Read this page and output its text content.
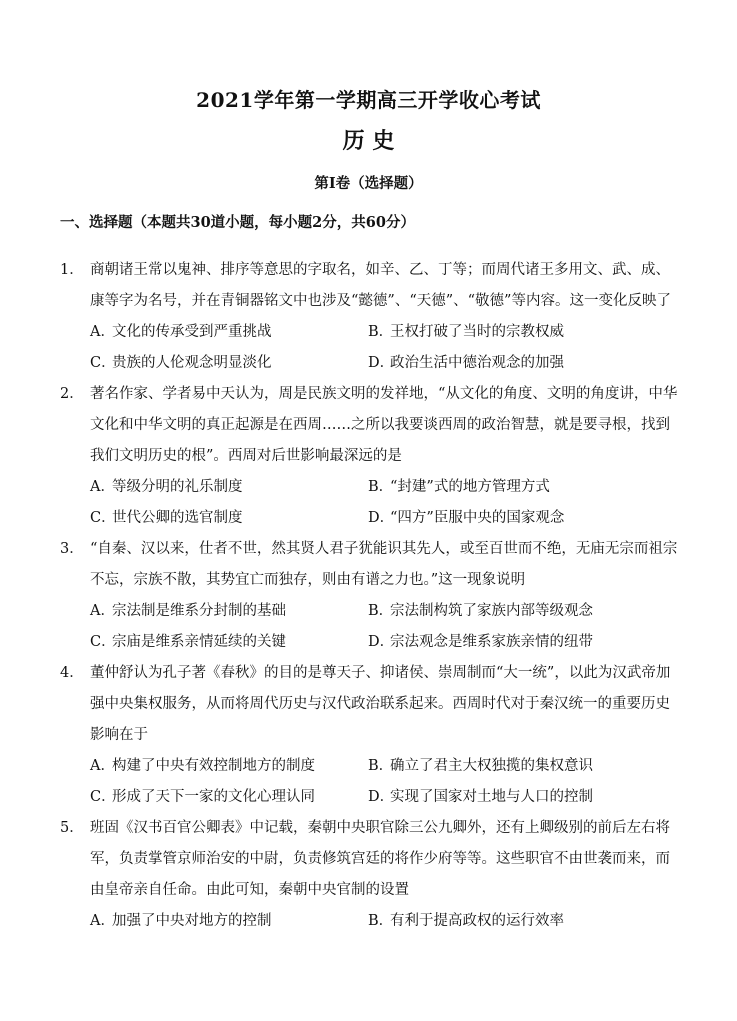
2021学年第一学期高三开学收心考试
历 史
第Ⅰ卷（选择题）
一、选择题（本题共30道小题，每小题2分，共60分）
1． 商朝诸王常以鬼神、排序等意思的字取名，如辛、乙、丁等；而周代诸王多用文、武、成、
康等字为名号，并在青铜器铭文中也涉及“懿德”、“天德”、“敬德”等内容。这一变化反映了
A．文化的传承受到严重挑战	B．王权打破了当时的宗教权威
C．贵族的人伦观念明显淡化	D．政治生活中德治观念的加强
2． 著名作家、学者易中天认为，周是民族文明的发祥地，“从文化的角度、文明的角度讲，中华
文化和中华文明的真正起源是在西周……之所以我要谈西周的政治智慧，就是要寻根，找到
我们文明历史的根”。西周对后世影响最深远的是
A．等级分明的礼乐制度	B．“封建”式的地方管理方式
C．世代公卿的选官制度	D．“四方”臣服中央的国家观念
3． “自秦、汉以来，仕者不世，然其贤人君子犹能识其先人，或至百世而不绝，无庙无宗而祖宗
不忘，宗族不散，其势宜亡而独存，则由有谱之力也。”这一现象说明
A．宗法制是维系分封制的基础	B．宗法制构筑了家族内部等级观念
C．宗庙是维系亲情延续的关键	D．宗法观念是维系家族亲情的纽带
4． 董仲舒认为孔子著《春秋》的目的是尊天子、抑诸侯、崇周制而“大一统”，以此为汉武帝加
强中央集权服务，从而将周代历史与汉代政治联系起来。西周时代对于秦汉统一的重要历史
影响在于
A．构建了中央有效控制地方的制度	B．确立了君主大权独揽的集权意识
C．形成了天下一家的文化心理认同	D．实现了国家对土地与人口的控制
5． 班固《汉书百官公卿表》中记载，秦朝中央职官除三公九卿外，还有上卿级别的前后左右将
军，负责掌管京师治安的中尉，负责修筑宫廷的将作少府等等。这些职官不由世袭而来，而
由皇帝亲自任命。由此可知，秦朝中央官制的设置
A．加强了中央对地方的控制	B．有利于提高政权的运行效率
